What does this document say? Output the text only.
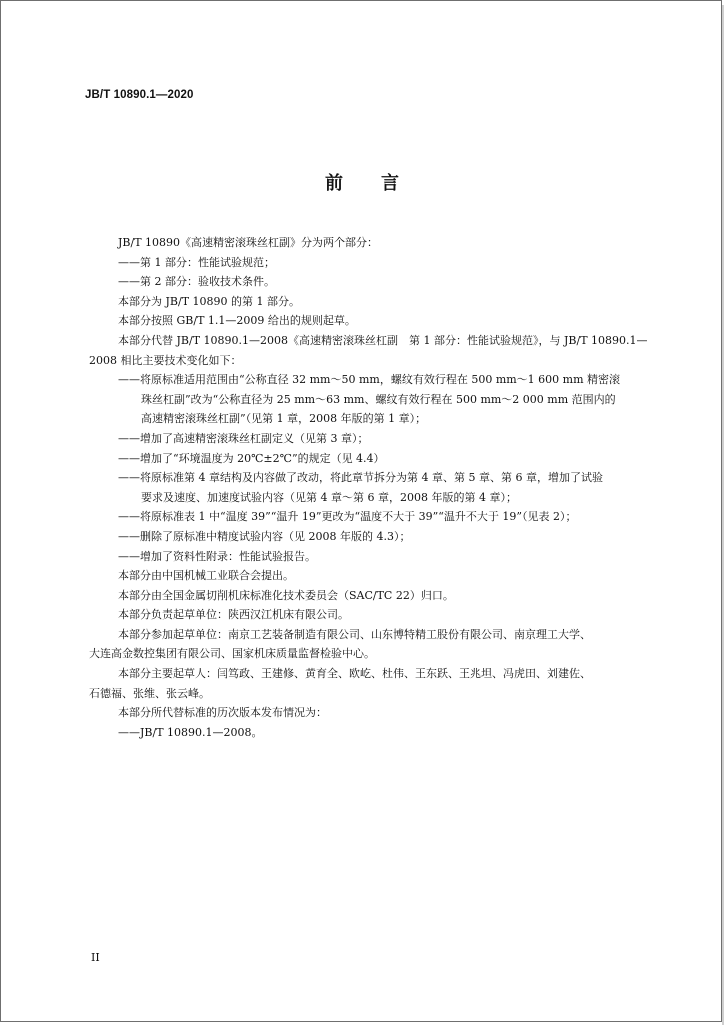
JB/T 10890.1—2020
前 言

JB/T 10890《高速精密滚珠丝杠副》分为两个部分：

——第 1 部分：性能试验规范；

——第 2 部分：验收技术条件。

本部分为 JB/T 10890 的第 1 部分。

本部分按照 GB/T 1.1—2009 给出的规则起草。

本部分代替 JB/T 10890.1—2008《高速精密滚珠丝杠副　第 1 部分：性能试验规范》，与 JB/T 10890.1—

2008 相比主要技术变化如下：

——将原标准适用范围由“公称直径 32 mm～50 mm，螺纹有效行程在 500 mm～1 600 mm 精密滚

珠丝杠副”改为“公称直径为 25 mm～63 mm、螺纹有效行程在 500 mm～2 000 mm 范围内的

高速精密滚珠丝杠副”（见第 1 章，2008 年版的第 1 章）；

——增加了高速精密滚珠丝杠副定义（见第 3 章）；

——增加了“环境温度为 20℃±2℃”的规定（见 4.4）

——将原标准第 4 章结构及内容做了改动，将此章节拆分为第 4 章、第 5 章、第 6 章，增加了试验

要求及速度、加速度试验内容（见第 4 章～第 6 章，2008 年版的第 4 章）；

——将原标准表 1 中“温度 39”“温升 19”更改为“温度不大于 39”“温升不大于 19”（见表 2）；

——删除了原标准中精度试验内容（见 2008 年版的 4.3）；

——增加了资料性附录：性能试验报告。

本部分由中国机械工业联合会提出。

本部分由全国金属切削机床标准化技术委员会（SAC/TC 22）归口。

本部分负责起草单位：陕西汉江机床有限公司。

本部分参加起草单位：南京工艺装备制造有限公司、山东博特精工股份有限公司、南京理工大学、

大连高金数控集团有限公司、国家机床质量监督检验中心。

本部分主要起草人：闫笃政、王建修、黄育全、欧屹、杜伟、王东跃、王兆坦、冯虎田、刘建佐、

石德福、张维、张云峰。

本部分所代替标准的历次版本发布情况为：

——JB/T 10890.1—2008。

II
